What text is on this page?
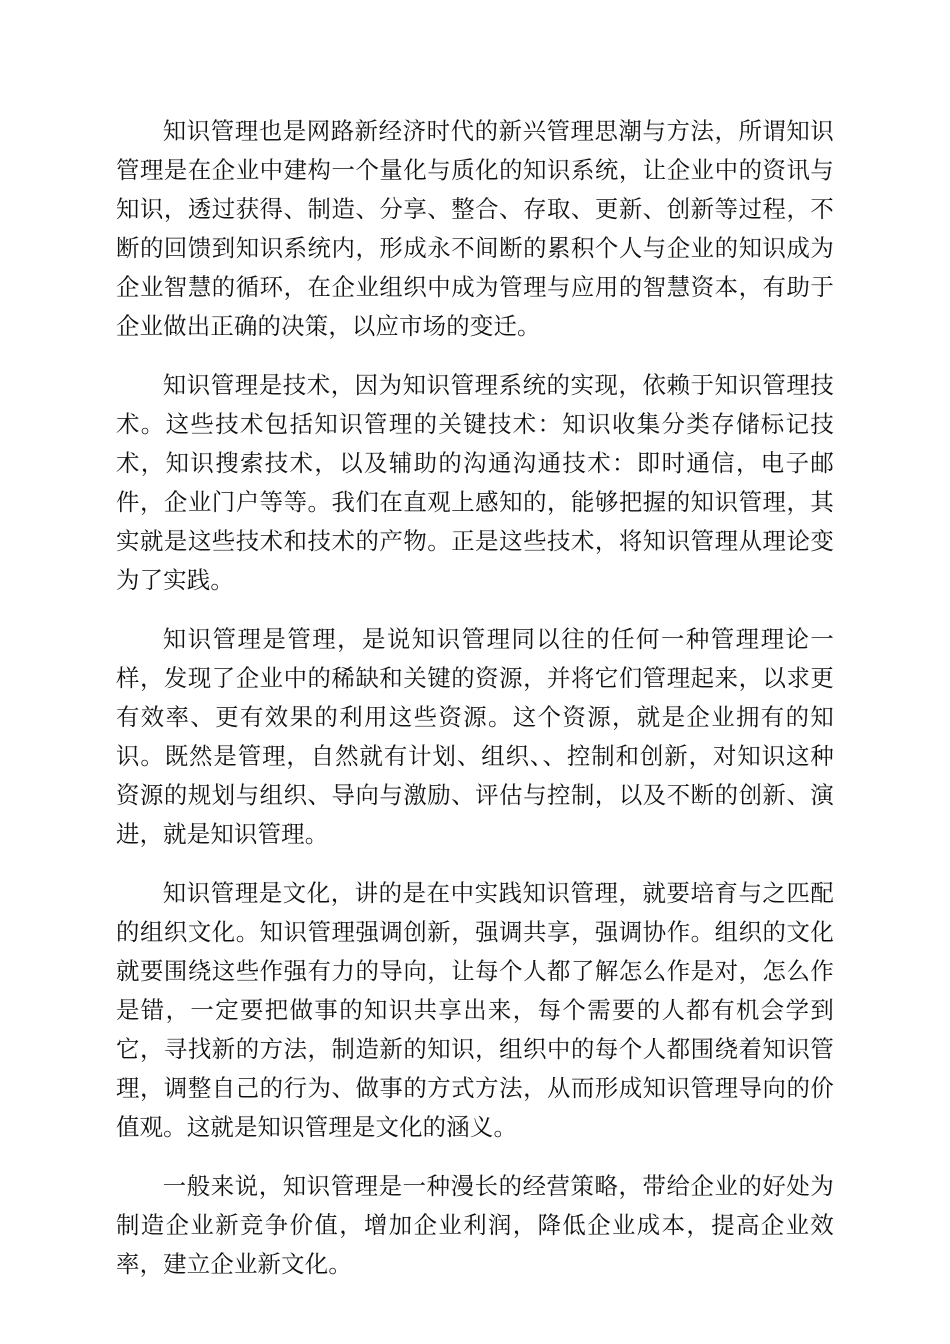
知识管理也是网路新经济时代的新兴管理思潮与方法，所谓知识管理是在企业中建构一个量化与质化的知识系统，让企业中的资讯与知识，透过获得、制造、分享、整合、存取、更新、创新等过程，不断的回馈到知识系统内，形成永不间断的累积个人与企业的知识成为企业智慧的循环，在企业组织中成为管理与应用的智慧资本，有助于企业做出正确的决策，以应市场的变迁。

知识管理是技术，因为知识管理系统的实现，依赖于知识管理技术。这些技术包括知识管理的关键技术：知识收集分类存储标记技术，知识搜索技术，以及辅助的沟通沟通技术：即时通信，电子邮件，企业门户等等。我们在直观上感知的，能够把握的知识管理，其实就是这些技术和技术的产物。正是这些技术，将知识管理从理论变为了实践。

知识管理是管理，是说知识管理同以往的任何一种管理理论一样，发现了企业中的稀缺和关键的资源，并将它们管理起来，以求更有效率、更有效果的利用这些资源。这个资源，就是企业拥有的知识。既然是管理，自然就有计划、组织、、控制和创新，对知识这种资源的规划与组织、导向与激励、评估与控制，以及不断的创新、演进，就是知识管理。

知识管理是文化，讲的是在中实践知识管理，就要培育与之匹配的组织文化。知识管理强调创新，强调共享，强调协作。组织的文化就要围绕这些作强有力的导向，让每个人都了解怎么作是对，怎么作是错，一定要把做事的知识共享出来，每个需要的人都有机会学到它，寻找新的方法，制造新的知识，组织中的每个人都围绕着知识管理，调整自己的行为、做事的方式方法，从而形成知识管理导向的价值观。这就是知识管理是文化的涵义。

一般来说，知识管理是一种漫长的经营策略，带给企业的好处为制造企业新竞争价值，增加企业利润，降低企业成本，提高企业效率，建立企业新文化。
